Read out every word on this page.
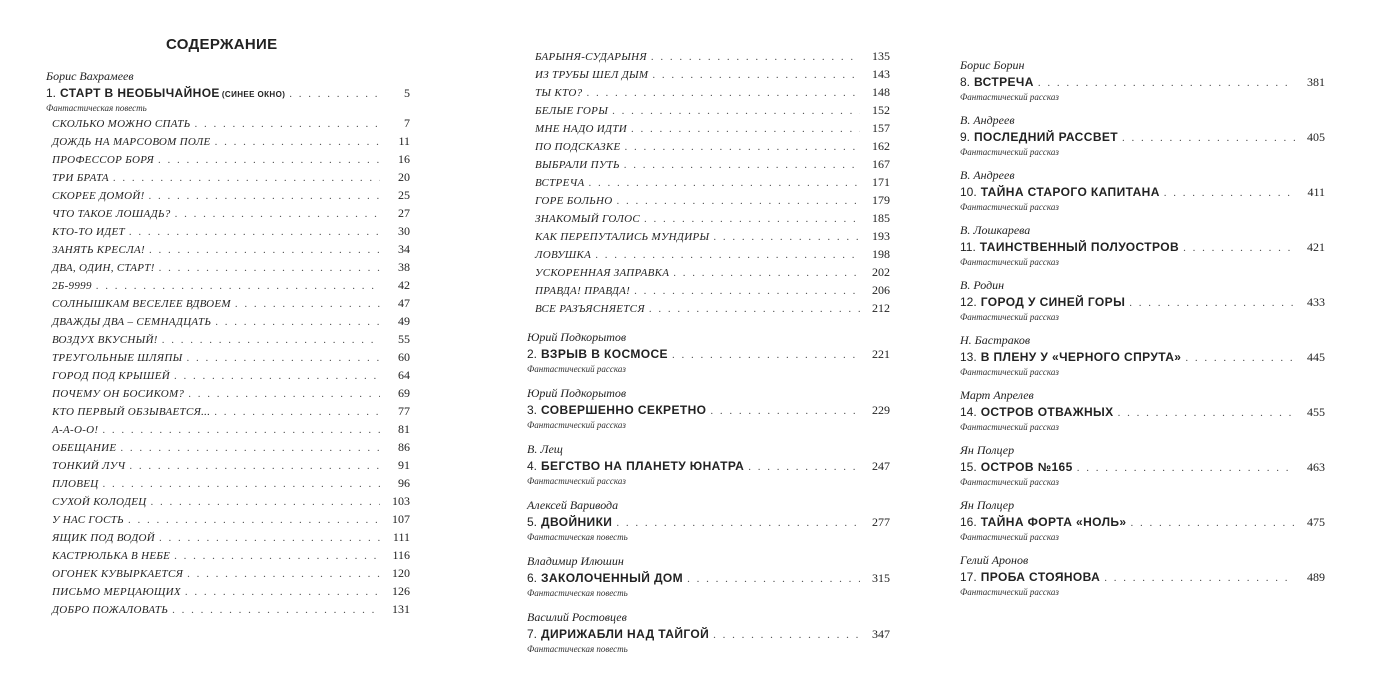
СОДЕРЖАНИЕ
Борис Вахрамеев
1. СТАРТ В НЕОБЫЧАЙНОЕ (СИНЕЕ ОКНО) . . .	5
Фантастическая повесть
СКОЛЬКО МОЖНО СПАТЬ . . .	7
ДОЖДЬ НА МАРСОВОМ ПОЛЕ . . .	11
ПРОФЕССОР БОРЯ . . .	16
ТРИ БРАТА . . .	20
СКОРЕЕ ДОМОЙ! . . .	25
ЧТО ТАКОЕ ЛОШАДЬ? . . .	27
КТО-ТО ИДЕТ . . .	30
ЗАНЯТЬ КРЕСЛА! . . .	34
ДВА, ОДИН, СТАРТ! . . .	38
2Б-9999 . . .	42
СОЛНЫШКАМ ВЕСЕЛЕЕ ВДВОЕМ . . .	47
ДВАЖДЫ ДВА – СЕМНАДЦАТЬ . . .	49
ВОЗДУХ ВКУСНЫЙ! . . .	55
ТРЕУГОЛЬНЫЕ ШЛЯПЫ . . .	60
ГОРОД ПОД КРЫШЕЙ . . .	64
ПОЧЕМУ ОН БОСИКОМ? . . .	69
КТО ПЕРВЫЙ ОБЗЫВАЕТСЯ... . . .	77
А-А-О-О! . . .	81
ОБЕЩАНИЕ . . .	86
ТОНКИЙ ЛУЧ . . .	91
ПЛОВЕЦ . . .	96
СУХОЙ КОЛОДЕЦ . . .	103
У НАС ГОСТЬ . . .	107
ЯЩИК ПОД ВОДОЙ . . .	111
КАСТРЮЛЬКА В НЕБЕ . . .	116
ОГОНЕК КУВЫРКАЕТСЯ . . .	120
ПИСЬМО МЕРЦАЮЩИХ . . .	126
ДОБРО ПОЖАЛОВАТЬ . . .	131
БАРЫНЯ-СУДАРЫНЯ . . .	135
ИЗ ТРУБЫ ШЕЛ ДЫМ . . .	143
ТЫ КТО? . . .	148
БЕЛЫЕ ГОРЫ . . .	152
МНЕ НАДО ИДТИ . . .	157
ПО ПОДСКАЗКЕ . . .	162
ВЫБРАЛИ ПУТЬ . . .	167
ВСТРЕЧА . . .	171
ГОРЕ БОЛЬНО . . .	179
ЗНАКОМЫЙ ГОЛОС . . .	185
КАК ПЕРЕПУТАЛИСЬ МУНДИРЫ . . .	193
ЛОВУШКА . . .	198
УСКОРЕННАЯ ЗАПРАВКА . . .	202
ПРАВДА! ПРАВДА! . . .	206
ВСЕ РАЗЪЯСНЯЕТСЯ . . .	212
Юрий Подкорытов
2. ВЗРЫВ В КОСМОСЕ . . .	221
Фантастический рассказ
Юрий Подкорытов
3. СОВЕРШЕННО СЕКРЕТНО . . .	229
Фантастический рассказ
В. Лещ
4. БЕГСТВО НА ПЛАНЕТУ ЮНАТРА . . .	247
Фантастический рассказ
Алексей Варивода
5. ДВОЙНИКИ . . .	277
Фантастическая повесть
Владимир Илюшин
6. ЗАКОЛОЧЕННЫЙ ДОМ . . .	315
Фантастическая повесть
Василий Ростовцев
7. ДИРИЖАБЛИ НАД ТАЙГОЙ . . .	347
Фантастическая повесть
Борис Борин
8. ВСТРЕЧА . . .	381
Фантастический рассказ
В. Андреев
9. ПОСЛЕДНИЙ РАССВЕТ . . .	405
Фантастический рассказ
В. Андреев
10. ТАЙНА СТАРОГО КАПИТАНА . . .	411
Фантастический рассказ
В. Лошкарева
11. ТАИНСТВЕННЫЙ ПОЛУОСТРОВ . . .	421
Фантастический рассказ
В. Родин
12. ГОРОД У СИНЕЙ ГОРЫ . . .	433
Фантастический рассказ
Н. Бастраков
13. В ПЛЕНУ У «ЧЕРНОГО СПРУТА» . . .	445
Фантастический рассказ
Март Апрелев
14. ОСТРОВ ОТВАЖНЫХ . . .	455
Фантастический рассказ
Ян Полцер
15. ОСТРОВ №165 . . .	463
Фантастический рассказ
Ян Полцер
16. ТАЙНА ФОРТА «НОЛЬ» . . .	475
Фантастический рассказ
Гелий Аронов
17. ПРОБА СТОЯНОВА . . .	489
Фантастический рассказ
